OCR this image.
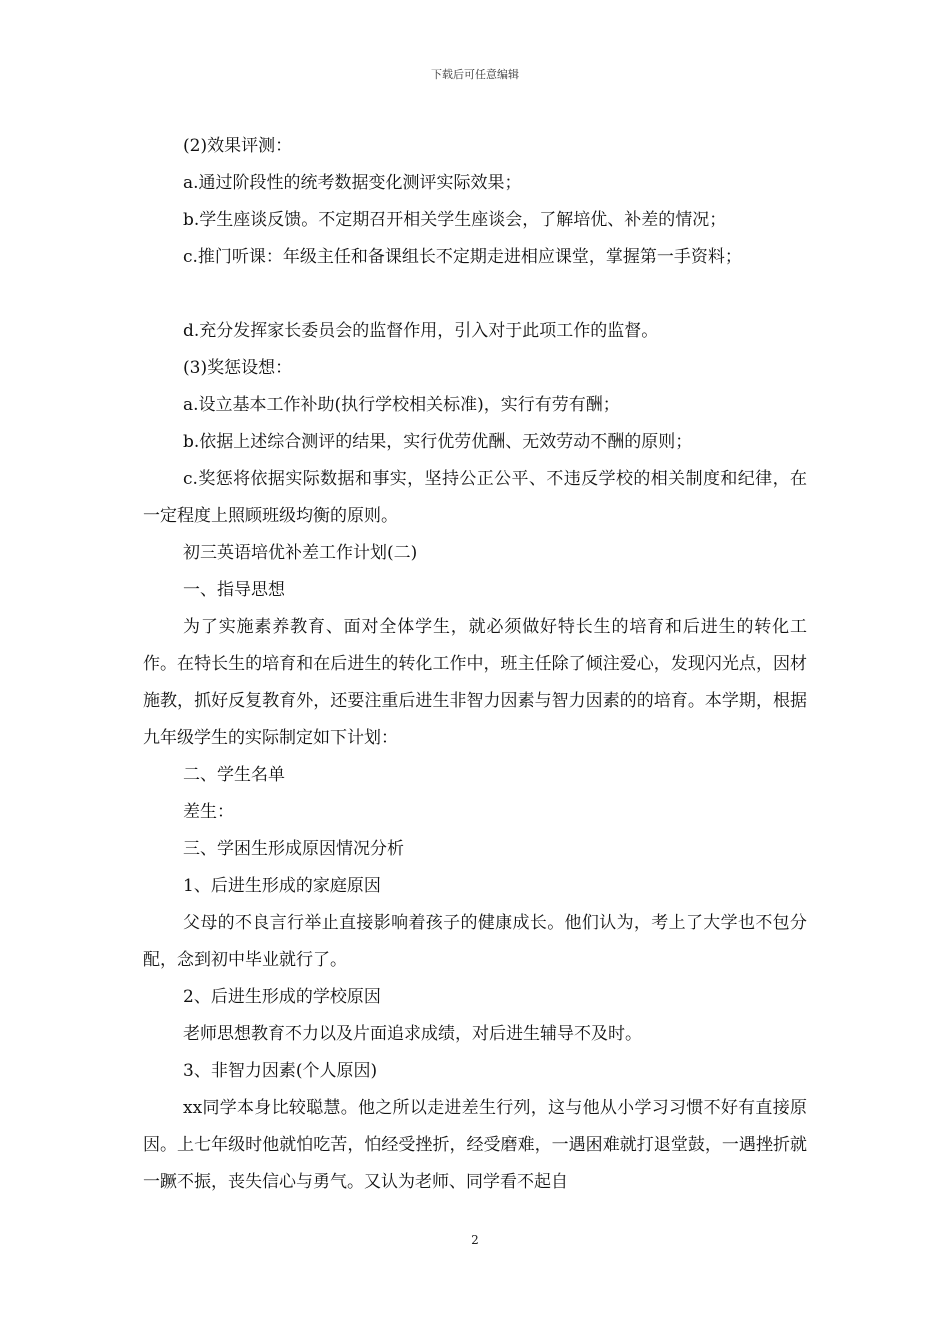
下载后可任意编辑

(2)效果评测：

a.通过阶段性的统考数据变化测评实际效果；

b.学生座谈反馈。不定期召开相关学生座谈会，了解培优、补差的情况；

c.推门听课：年级主任和备课组长不定期走进相应课堂，掌握第一手资料；

d.充分发挥家长委员会的监督作用，引入对于此项工作的监督。

(3)奖惩设想：

a.设立基本工作补助(执行学校相关标准)，实行有劳有酬；

b.依据上述综合测评的结果，实行优劳优酬、无效劳动不酬的原则；

c.奖惩将依据实际数据和事实，坚持公正公平、不违反学校的相关制度和纪律，在一定程度上照顾班级均衡的原则。

初三英语培优补差工作计划(二)

一、指导思想

为了实施素养教育、面对全体学生，就必须做好特长生的培育和后进生的转化工作。在特长生的培育和在后进生的转化工作中，班主任除了倾注爱心，发现闪光点，因材施教，抓好反复教育外，还要注重后进生非智力因素与智力因素的的培育。本学期，根据九年级学生的实际制定如下计划：

二、学生名单

差生：

三、学困生形成原因情况分析

1、后进生形成的家庭原因

父母的不良言行举止直接影响着孩子的健康成长。他们认为，考上了大学也不包分配，念到初中毕业就行了。

2、后进生形成的学校原因

老师思想教育不力以及片面追求成绩，对后进生辅导不及时。

3、非智力因素(个人原因)

xx同学本身比较聪慧。他之所以走进差生行列，这与他从小学习习惯不好有直接原因。上七年级时他就怕吃苦，怕经受挫折，经受磨难，一遇困难就打退堂鼓，一遇挫折就一蹶不振，丧失信心与勇气。又认为老师、同学看不起自

2
